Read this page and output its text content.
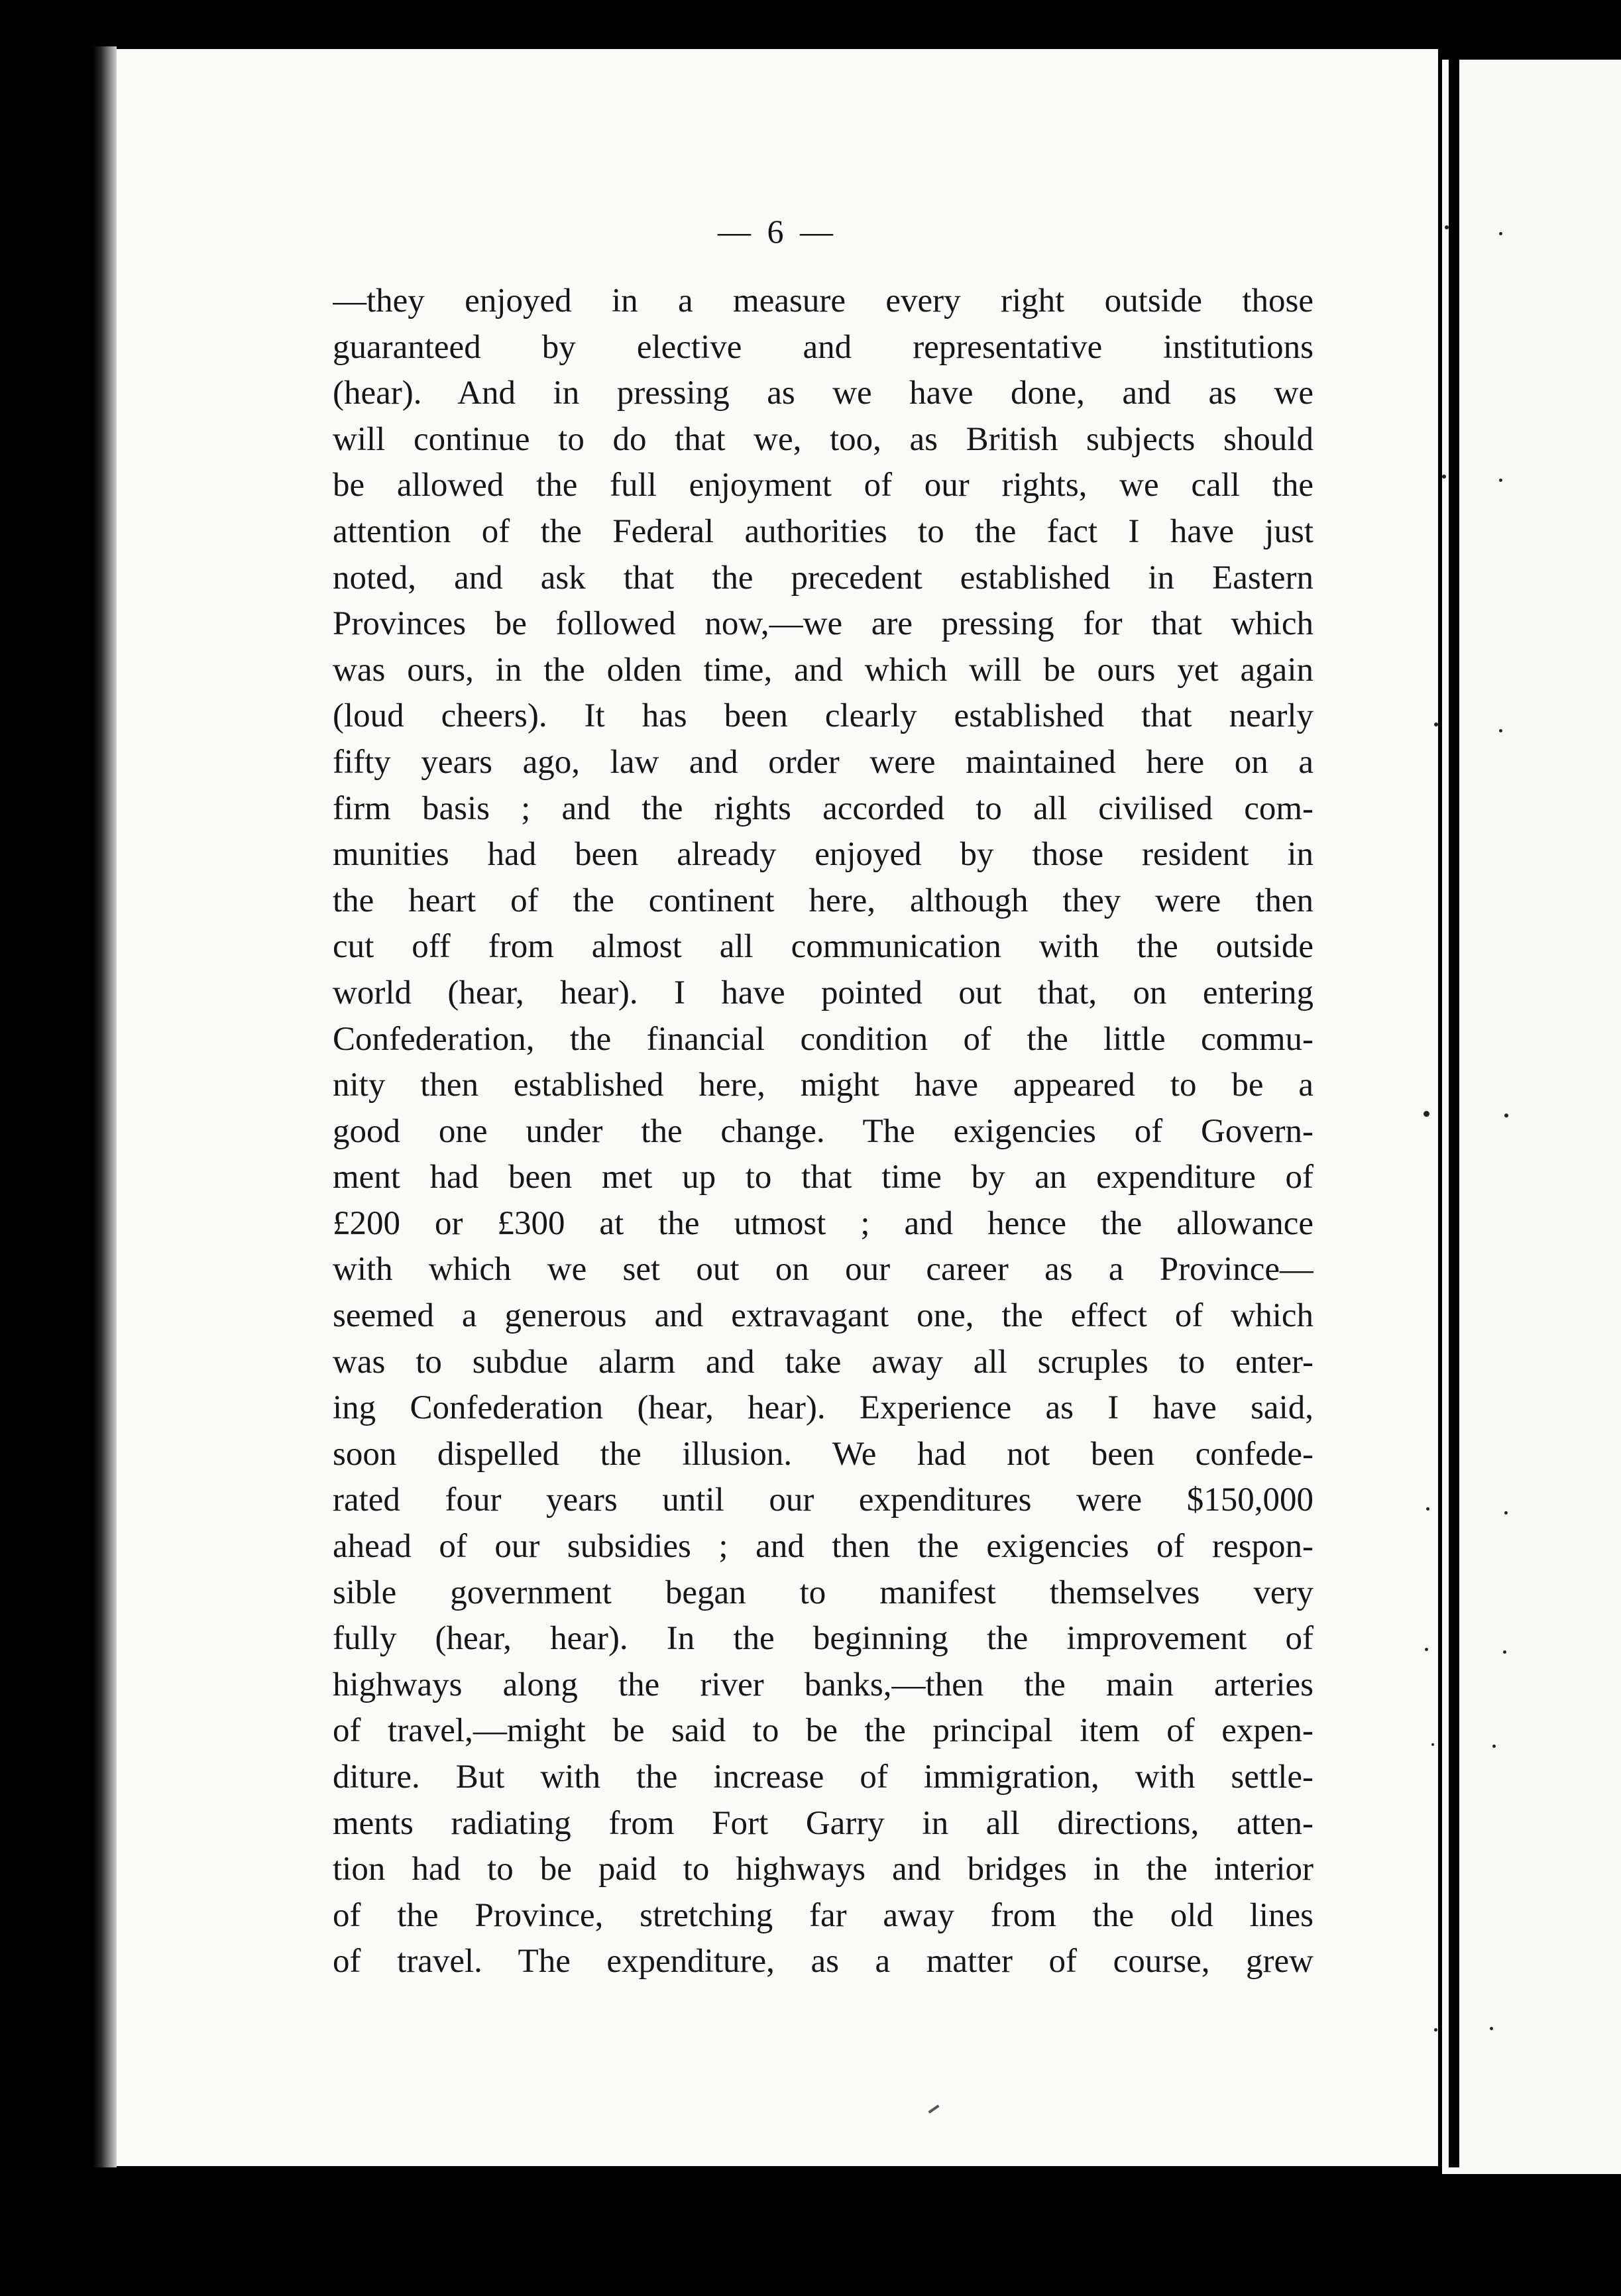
— 6 —
—they enjoyed in a measure every right outside those
guaranteed by elective and representative institutions
(hear). And in pressing as we have done, and as we
will continue to do that we, too, as British subjects should
be allowed the full enjoyment of our rights, we call the
attention of the Federal authorities to the fact I have just
noted, and ask that the precedent established in Eastern
Provinces be followed now,—we are pressing for that which
was ours, in the olden time, and which will be ours yet again
(loud cheers). It has been clearly established that nearly
fifty years ago, law and order were maintained here on a
firm basis ; and the rights accorded to all civilised com-
munities had been already enjoyed by those resident in
the heart of the continent here, although they were then
cut off from almost all communication with the outside
world (hear, hear). I have pointed out that, on entering
Confederation, the financial condition of the little commu-
nity then established here, might have appeared to be a
good one under the change. The exigencies of Govern-
ment had been met up to that time by an expenditure of
£200 or £300 at the utmost ; and hence the allowance
with which we set out on our career as a Province—
seemed a generous and extravagant one, the effect of which
was to subdue alarm and take away all scruples to enter-
ing Confederation (hear, hear). Experience as I have said,
soon dispelled the illusion. We had not been confede-
rated four years until our expenditures were $150,000
ahead of our subsidies ; and then the exigencies of respon-
sible government began to manifest themselves very
fully (hear, hear). In the beginning the improvement of
highways along the river banks,—then the main arteries
of travel,—might be said to be the principal item of expen-
diture. But with the increase of immigration, with settle-
ments radiating from Fort Garry in all directions, atten-
tion had to be paid to highways and bridges in the interior
of the Province, stretching far away from the old lines
of travel. The expenditure, as a matter of course, grew
